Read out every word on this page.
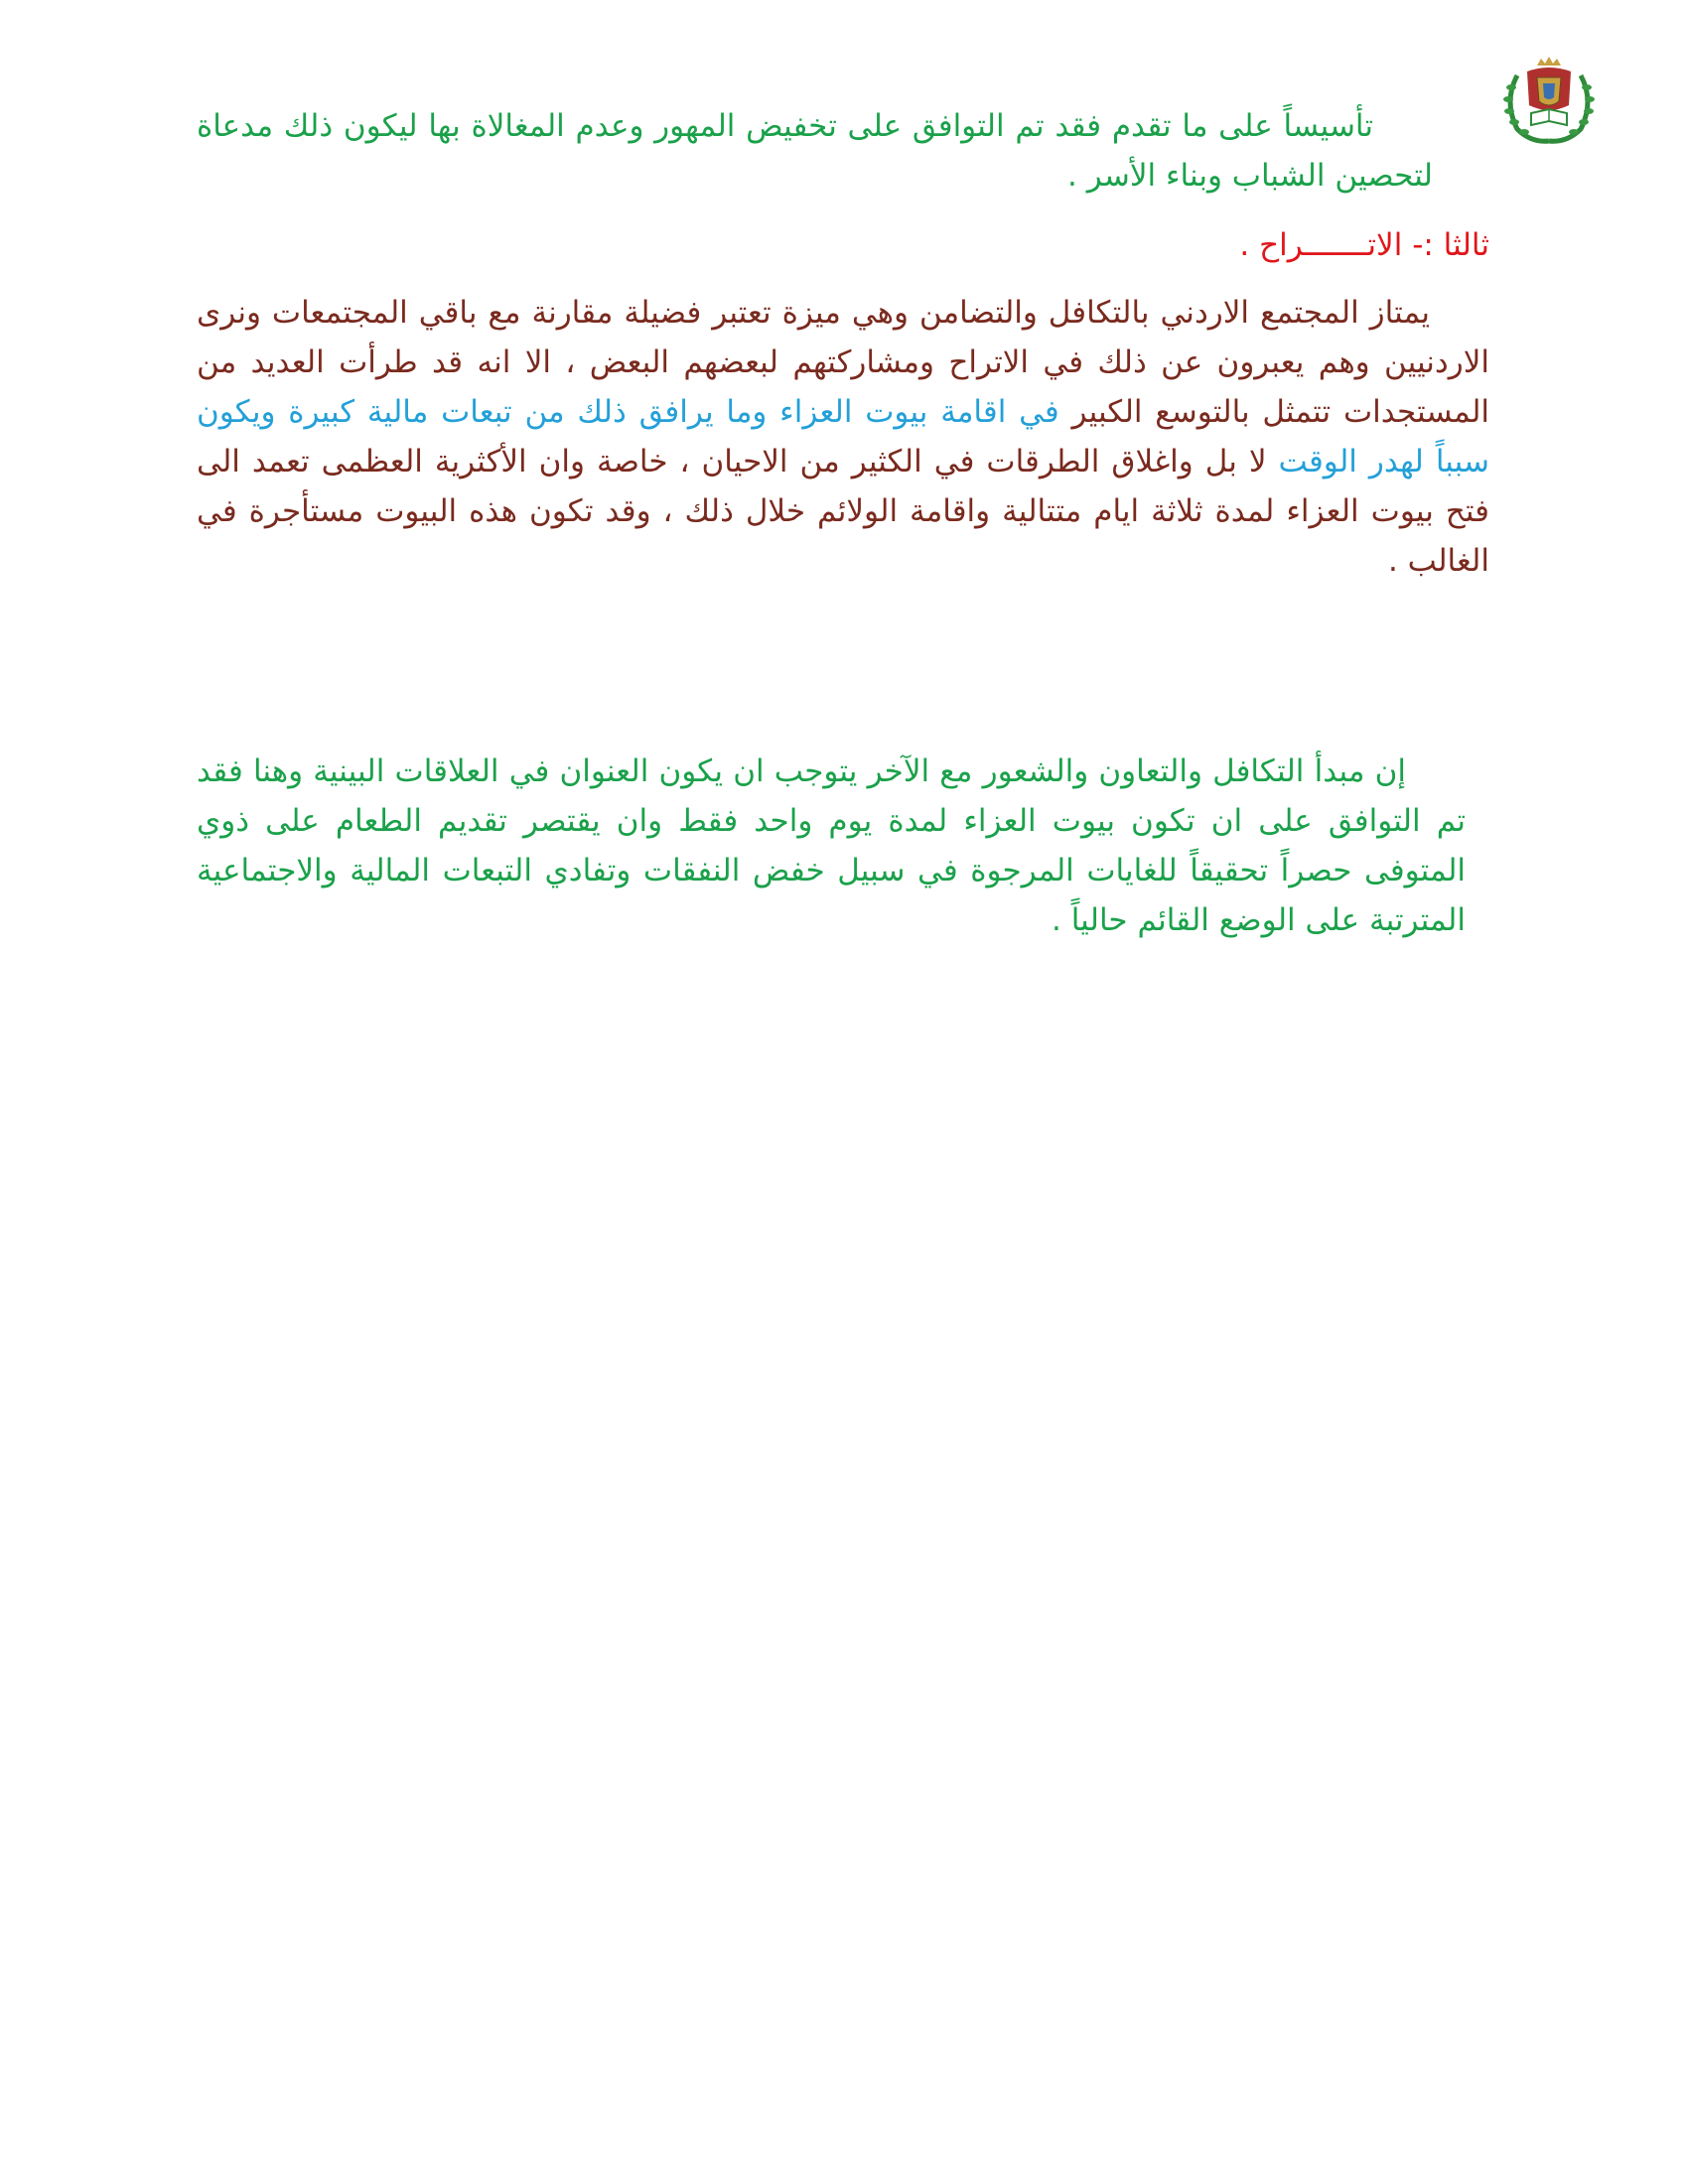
تأسيساً على ما تقدم فقد تم التوافق على تخفيض المهور وعدم المغالاة بها ليكون ذلك مدعاة لتحصين الشباب وبناء الأسر .
ثالثا :- الاتـــــــراح .
يمتاز المجتمع الاردني بالتكافل والتضامن وهي ميزة تعتبر فضيلة مقارنة مع باقي المجتمعات ونرى الاردنيين وهم يعبرون عن ذلك في الاتراح ومشاركتهم لبعضهم البعض ، الا انه قد طرأت العديد من المستجدات تتمثل بالتوسع الكبير في اقامة بيوت العزاء وما يرافق ذلك من تبعات مالية كبيرة ويكون سبباً لهدر الوقت لا بل واغلاق الطرقات في الكثير من الاحيان ، خاصة وان الأكثرية العظمى تعمد الى فتح بيوت العزاء لمدة ثلاثة ايام متتالية واقامة الولائم خلال ذلك ، وقد تكون هذه البيوت مستأجرة في الغالب .
إن مبدأ التكافل والتعاون والشعور مع الآخر يتوجب ان يكون العنوان في العلاقات البينية وهنا فقد تم التوافق على ان تكون بيوت العزاء لمدة يوم واحد فقط وان يقتصر تقديم الطعام على ذوي المتوفى حصراً تحقيقاً للغايات المرجوة في سبيل خفض النفقات وتفادي التبعات المالية والاجتماعية المترتبة على الوضع القائم حالياً .
